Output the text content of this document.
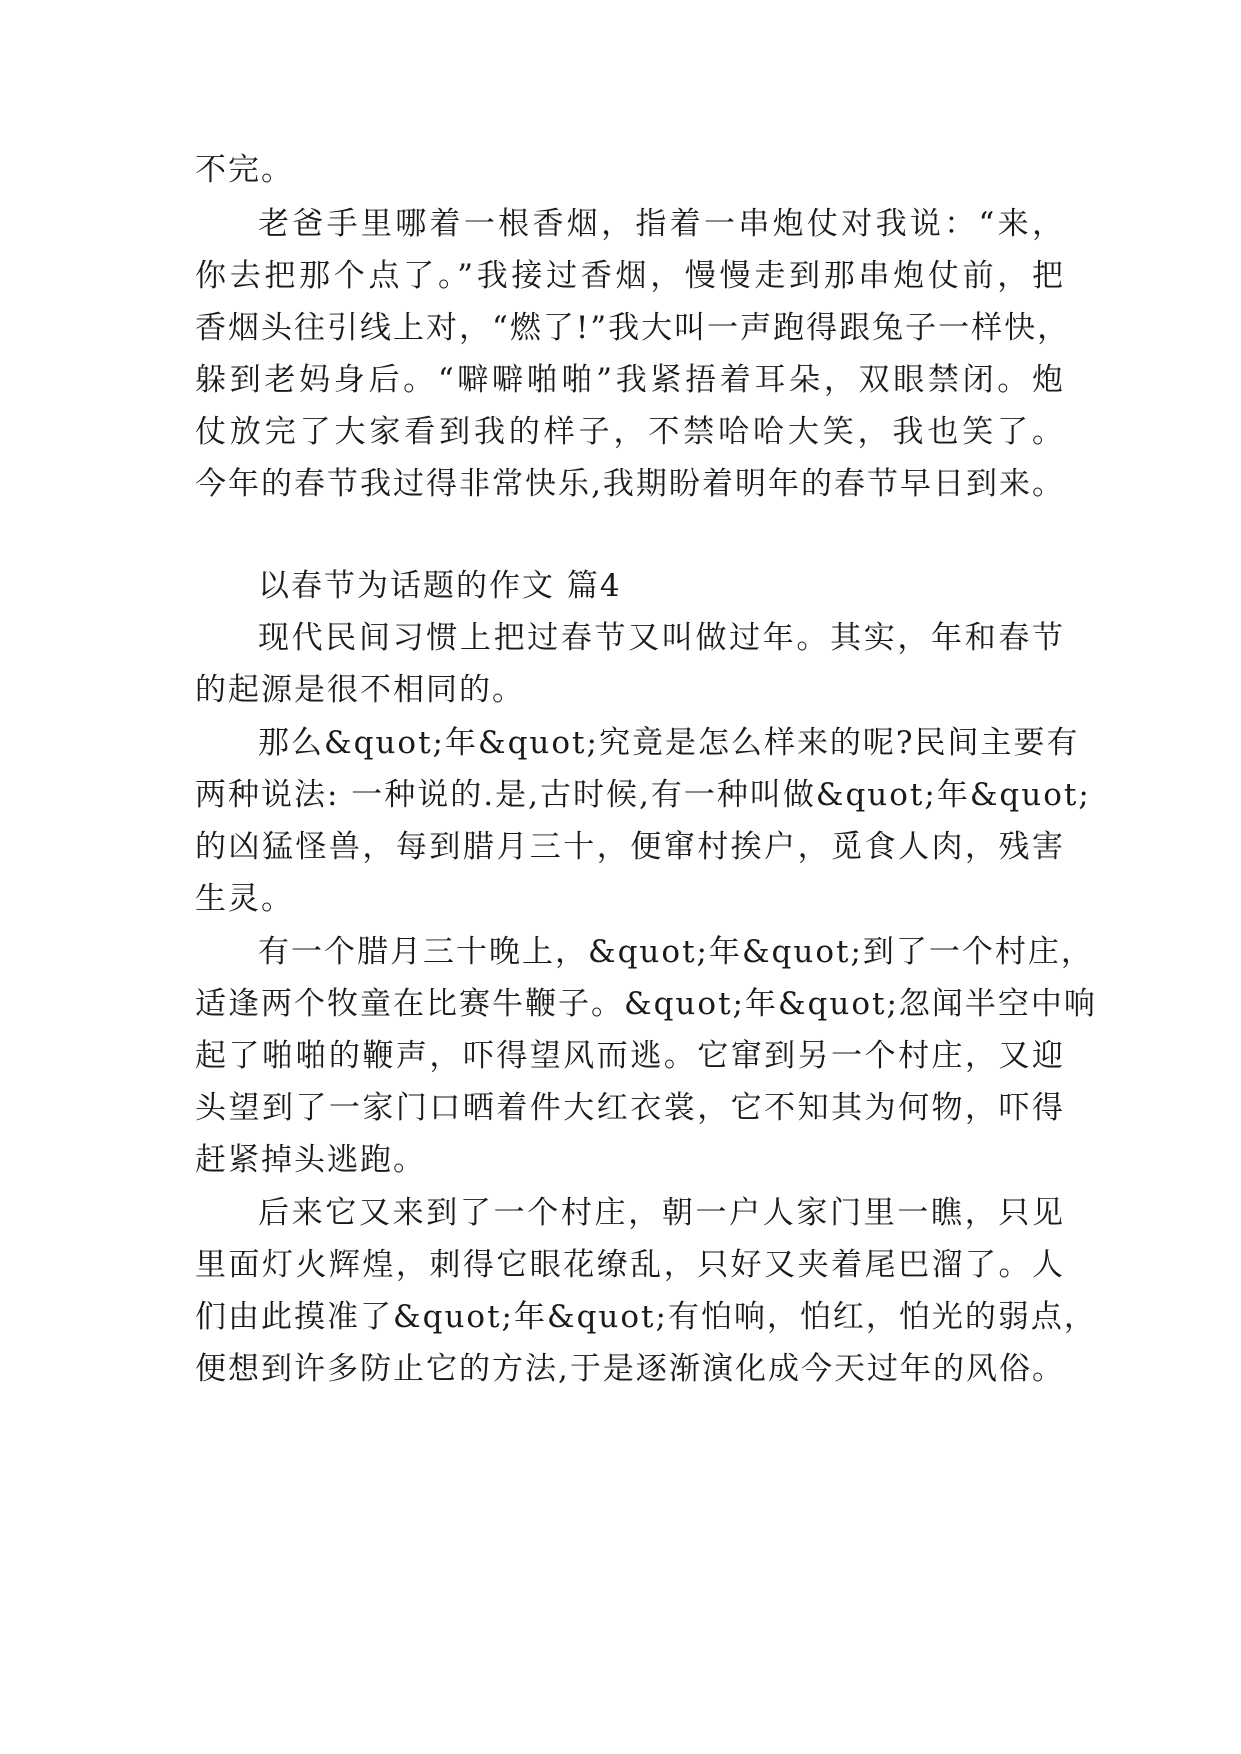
不完。
老爸手里哪着一根香烟，指着一串炮仗对我说：“来，
你去把那个点了。”我接过香烟，慢慢走到那串炮仗前，把
香烟头往引线上对，“燃了!”我大叫一声跑得跟兔子一样快，
躲到老妈身后。“噼噼啪啪”我紧捂着耳朵，双眼禁闭。炮
仗放完了大家看到我的样子，不禁哈哈大笑，我也笑了。
今年的春节我过得非常快乐,我期盼着明年的春节早日到来。
以春节为话题的作文 篇4
现代民间习惯上把过春节又叫做过年。其实，年和春节
的起源是很不相同的。
那么&quot;年&quot;究竟是怎么样来的呢?民间主要有
两种说法: 一种说的.是,古时候,有一种叫做&quot;年&quot;
的凶猛怪兽，每到腊月三十，便窜村挨户，觅食人肉，残害
生灵。
有一个腊月三十晚上，&quot;年&quot;到了一个村庄，
适逢两个牧童在比赛牛鞭子。&quot;年&quot;忽闻半空中响
起了啪啪的鞭声，吓得望风而逃。它窜到另一个村庄，又迎
头望到了一家门口晒着件大红衣裳，它不知其为何物，吓得
赶紧掉头逃跑。
后来它又来到了一个村庄，朝一户人家门里一瞧，只见
里面灯火辉煌，刺得它眼花缭乱，只好又夹着尾巴溜了。人
们由此摸准了&quot;年&quot;有怕响，怕红，怕光的弱点，
便想到许多防止它的方法,于是逐渐演化成今天过年的风俗。
